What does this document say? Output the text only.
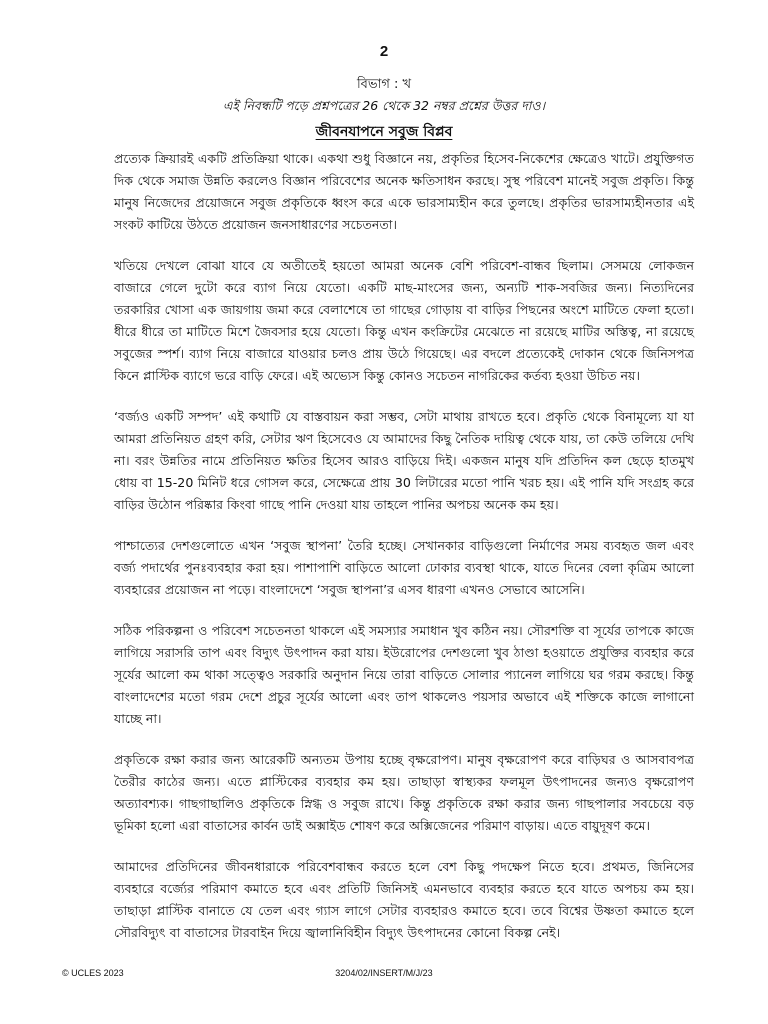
2
বিভাগ : খ
এই নিবন্ধটি পড়ে প্রশ্নপত্রের 26 থেকে 32 নম্বর প্রশ্নের উত্তর দাও।
জীবনযাপনে সবুজ বিপ্লব

প্রত্যেক ক্রিয়ারই একটি প্রতিক্রিয়া থাকে। একথা শুধু বিজ্ঞানে নয়, প্রকৃতির হিসেব-নিকেশের ক্ষেত্রেও খাটে। প্রযুক্তিগত দিক থেকে সমাজ উন্নতি করলেও বিজ্ঞান পরিবেশের অনেক ক্ষতিসাধন করছে। সুস্থ পরিবেশ মানেই সবুজ প্রকৃতি। কিন্তু মানুষ নিজেদের প্রয়োজনে সবুজ প্রকৃতিকে ধ্বংস করে একে ভারসাম্যহীন করে তুলছে। প্রকৃতির ভারসাম্যহীনতার এই সংকট কাটিয়ে উঠতে প্রয়োজন জনসাধারণের সচেতনতা।

খতিয়ে দেখলে বোঝা যাবে যে অতীতেই হয়তো আমরা অনেক বেশি পরিবেশ-বান্ধব ছিলাম। সেসময়ে লোকজন বাজারে গেলে দুটো করে ব্যাগ নিয়ে যেতো। একটি মাছ-মাংসের জন্য, অন্যটি শাক-সবজির জন্য। নিত্যদিনের তরকারির খোসা এক জায়গায় জমা করে বেলাশেষে তা গাছের গোড়ায় বা বাড়ির পিছনের অংশে মাটিতে ফেলা হতো। ধীরে ধীরে তা মাটিতে মিশে জৈবসার হয়ে যেতো। কিন্তু এখন কংক্রিটের মেঝেতে না রয়েছে মাটির অস্তিত্ব, না রয়েছে সবুজের স্পর্শ। ব্যাগ নিয়ে বাজারে যাওয়ার চলও প্রায় উঠে গিয়েছে। এর বদলে প্রত্যেকেই দোকান থেকে জিনিসপত্র কিনে প্লাস্টিক ব্যাগে ভরে বাড়ি ফেরে। এই অভ্যেস কিন্তু কোনও সচেতন নাগরিকের কর্তব্য হওয়া উচিত নয়।

‘বর্জ্যও একটি সম্পদ’ এই কথাটি যে বাস্তবায়ন করা সম্ভব, সেটা মাথায় রাখতে হবে। প্রকৃতি থেকে বিনামূল্যে যা যা আমরা প্রতিনিয়ত গ্রহণ করি, সেটার ঋণ হিসেবেও যে আমাদের কিছু নৈতিক দায়িত্ব থেকে যায়, তা কেউ তলিয়ে দেখি না। বরং উন্নতির নামে প্রতিনিয়ত ক্ষতির হিসেব আরও বাড়িয়ে দিই। একজন মানুষ যদি প্রতিদিন কল ছেড়ে হাতমুখ ধোয় বা 15-20 মিনিট ধরে গোসল করে, সেক্ষেত্রে প্রায় 30 লিটারের মতো পানি খরচ হয়। এই পানি যদি সংগ্রহ করে বাড়ির উঠোন পরিষ্কার কিংবা গাছে পানি দেওয়া যায় তাহলে পানির অপচয় অনেক কম হয়।

পাশ্চাত্যের দেশগুলোতে এখন ‘সবুজ স্থাপনা’ তৈরি হচ্ছে। সেখানকার বাড়িগুলো নির্মাণের সময় ব্যবহৃত জল এবং বর্জ্য পদার্থের পুনঃব্যবহার করা হয়। পাশাপাশি বাড়িতে আলো ঢোকার ব্যবস্থা থাকে, যাতে দিনের বেলা কৃত্রিম আলো ব্যবহারের প্রয়োজন না পড়ে। বাংলাদেশে ‘সবুজ স্থাপনা’র এসব ধারণা এখনও সেভাবে আসেনি।

সঠিক পরিকল্পনা ও পরিবেশ সচেতনতা থাকলে এই সমস্যার সমাধান খুব কঠিন নয়। সৌরশক্তি বা সূর্যের তাপকে কাজে লাগিয়ে সরাসরি তাপ এবং বিদ্যুৎ উৎপাদন করা যায়। ইউরোপের দেশগুলো খুব ঠাণ্ডা হওয়াতে প্রযুক্তির ব্যবহার করে সূর্যের আলো কম থাকা সত্ত্বেও সরকারি অনুদান নিয়ে তারা বাড়িতে সোলার প্যানেল লাগিয়ে ঘর গরম করছে। কিন্তু বাংলাদেশের মতো গরম দেশে প্রচুর সূর্যের আলো এবং তাপ থাকলেও পয়সার অভাবে এই শক্তিকে কাজে লাগানো যাচ্ছে না।

প্রকৃতিকে রক্ষা করার জন্য আরেকটি অন্যতম উপায় হচ্ছে বৃক্ষরোপণ। মানুষ বৃক্ষরোপণ করে বাড়িঘর ও আসবাবপত্র তৈরীর কাঠের জন্য। এতে প্লাস্টিকের ব্যবহার কম হয়। তাছাড়া স্বাস্থ্যকর ফলমূল উৎপাদনের জন্যও বৃক্ষরোপণ অত্যাবশ্যক। গাছগাছালিও প্রকৃতিকে স্নিগ্ধ ও সবুজ রাখে। কিন্তু প্রকৃতিকে রক্ষা করার জন্য গাছপালার সবচেয়ে বড় ভূমিকা হলো এরা বাতাসের কার্বন ডাই অক্সাইড শোষণ করে অক্সিজেনের পরিমাণ বাড়ায়। এতে বায়ুদূষণ কমে।

আমাদের প্রতিদিনের জীবনধারাকে পরিবেশবান্ধব করতে হলে বেশ কিছু পদক্ষেপ নিতে হবে। প্রথমত, জিনিসের ব্যবহারে বর্জ্যের পরিমাণ কমাতে হবে এবং প্রতিটি জিনিসই এমনভাবে ব্যবহার করতে হবে যাতে অপচয় কম হয়। তাছাড়া প্লাস্টিক বানাতে যে তেল এবং গ্যাস লাগে সেটার ব্যবহারও কমাতে হবে। তবে বিশ্বের উষ্ণতা কমাতে হলে সৌরবিদ্যুৎ বা বাতাসের টারবাইন দিয়ে জ্বালানিবিহীন বিদ্যুৎ উৎপাদনের কোনো বিকল্প নেই।

© UCLES 2023	3204/02/INSERT/M/J/23
